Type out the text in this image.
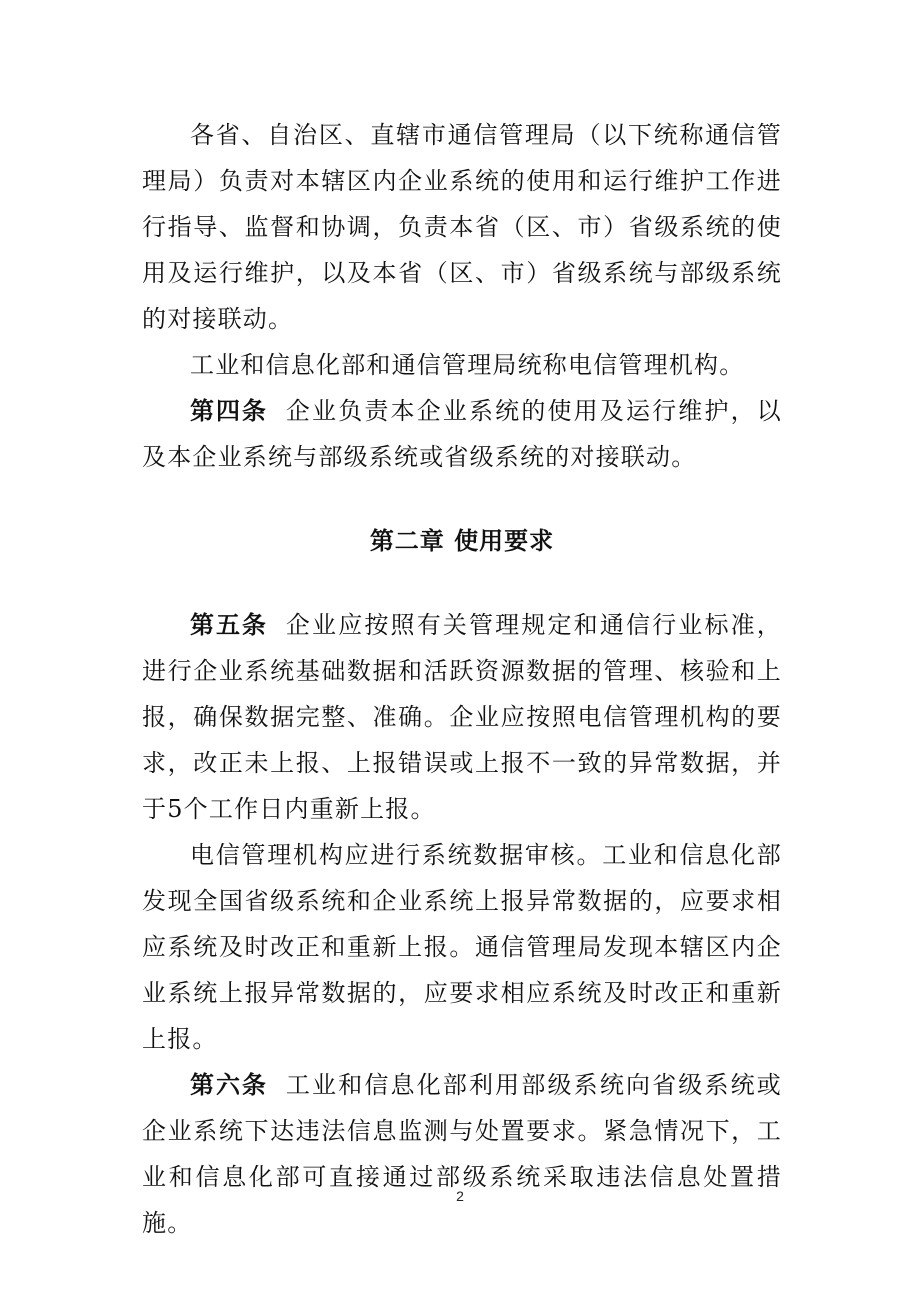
各省、自治区、直辖市通信管理局（以下统称通信管理局）负责对本辖区内企业系统的使用和运行维护工作进行指导、监督和协调，负责本省（区、市）省级系统的使用及运行维护，以及本省（区、市）省级系统与部级系统的对接联动。

工业和信息化部和通信管理局统称电信管理机构。

第四条 企业负责本企业系统的使用及运行维护，以及本企业系统与部级系统或省级系统的对接联动。

第二章 使用要求

第五条 企业应按照有关管理规定和通信行业标准，进行企业系统基础数据和活跃资源数据的管理、核验和上报，确保数据完整、准确。企业应按照电信管理机构的要求，改正未上报、上报错误或上报不一致的异常数据，并于5个工作日内重新上报。

电信管理机构应进行系统数据审核。工业和信息化部发现全国省级系统和企业系统上报异常数据的，应要求相应系统及时改正和重新上报。通信管理局发现本辖区内企业系统上报异常数据的，应要求相应系统及时改正和重新上报。

第六条 工业和信息化部利用部级系统向省级系统或企业系统下达违法信息监测与处置要求。紧急情况下，工业和信息化部可直接通过部级系统采取违法信息处置措施。

2
